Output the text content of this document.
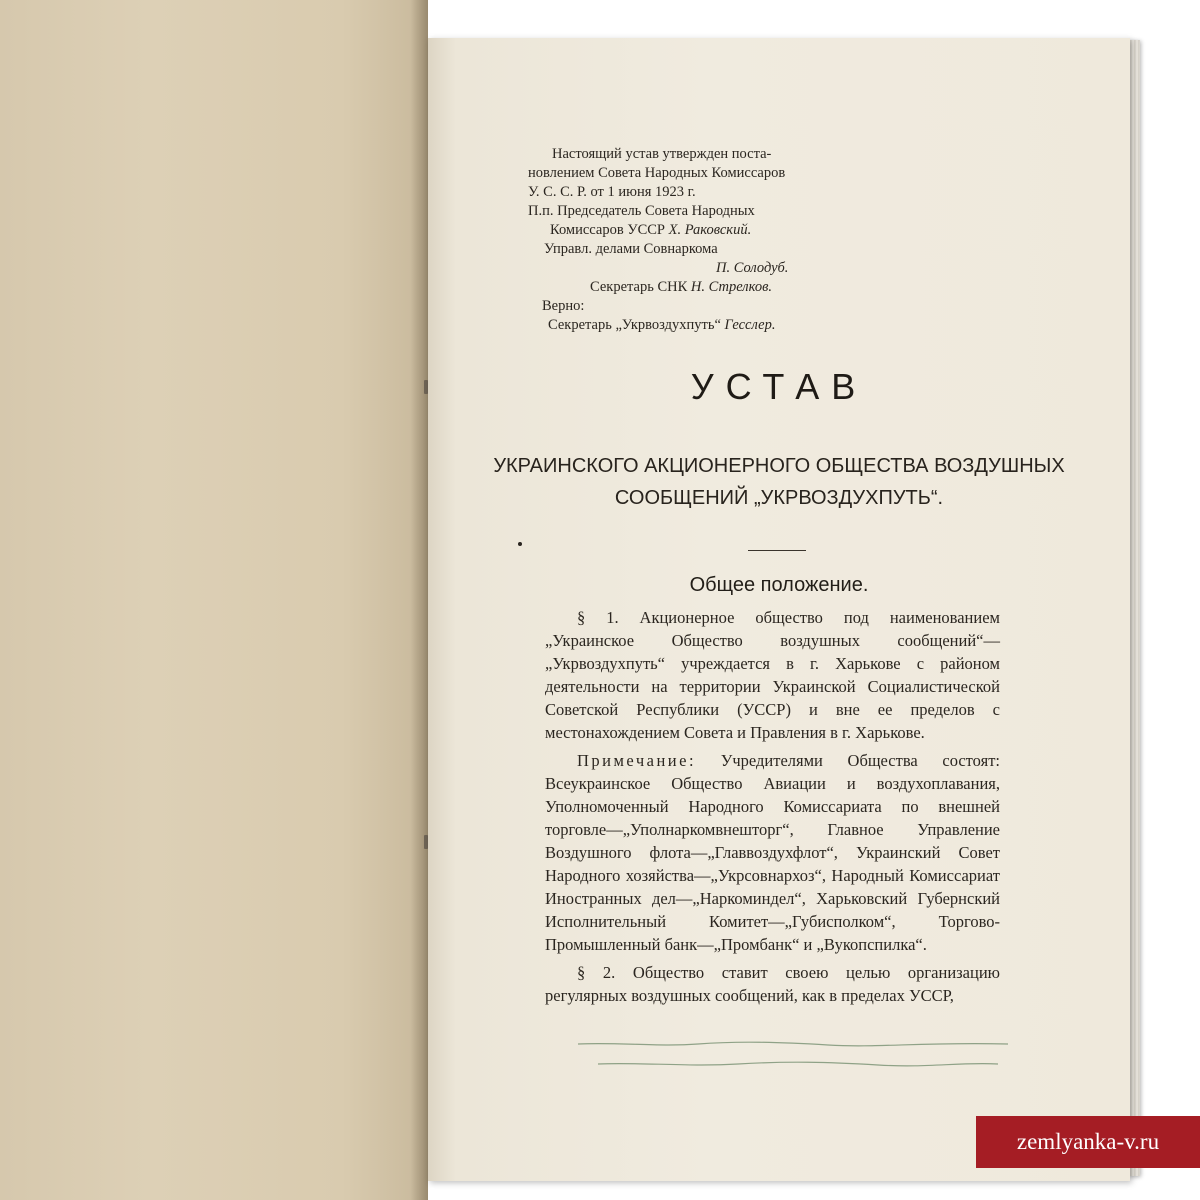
Настоящий устав утвержден поста-
новлением Совета Народных Комиссаров
У. С. С. Р. от 1 июня 1923 г.
П.п. Председатель Совета Народных
Комиссаров УССР Х. Раковский.
Управл. делами Совнаркома
П. Солодуб.
Секретарь СНК Н. Стрелков.
Верно:
Секретарь „Укрвоздухпуть“ Гесслер.
УСТАВ
УКРАИНСКОГО АКЦИОНЕРНОГО ОБЩЕСТВА ВОЗДУШНЫХ
СООБЩЕНИЙ „УКРВОЗДУХПУТЬ“.
Общее положение.

§ 1. Акционерное общество под наименованием „Украинское Общество воздушных сообщений“—„Укрвоздухпуть“ учреждается в г. Харькове с районом деятельности на территории Украинской Социалистической Советской Республики (УССР) и вне ее пределов с местонахождением Совета и Правления в г. Харькове.

Примечание: Учредителями Общества состоят: Всеукраинское Общество Авиации и воздухоплавания, Уполномоченный Народного Комиссариата по внешней торговле—„Уполнаркомвнешторг“, Главное Управление Воздушного флота—„Главвоздухфлот“, Украинский Совет Народного хозяйства—„Укрсовнархоз“, Народный Комиссариат Иностранных дел—„Наркоминдел“, Харьковский Губернский Исполнительный Комитет—„Губисполком“, Торгово-Промышленный банк—„Промбанк“ и „Вукопспилка“.

§ 2. Общество ставит своею целью организацию регулярных воздушных сообщений, как в пределах УССР,

zemlyanka-v.ru
